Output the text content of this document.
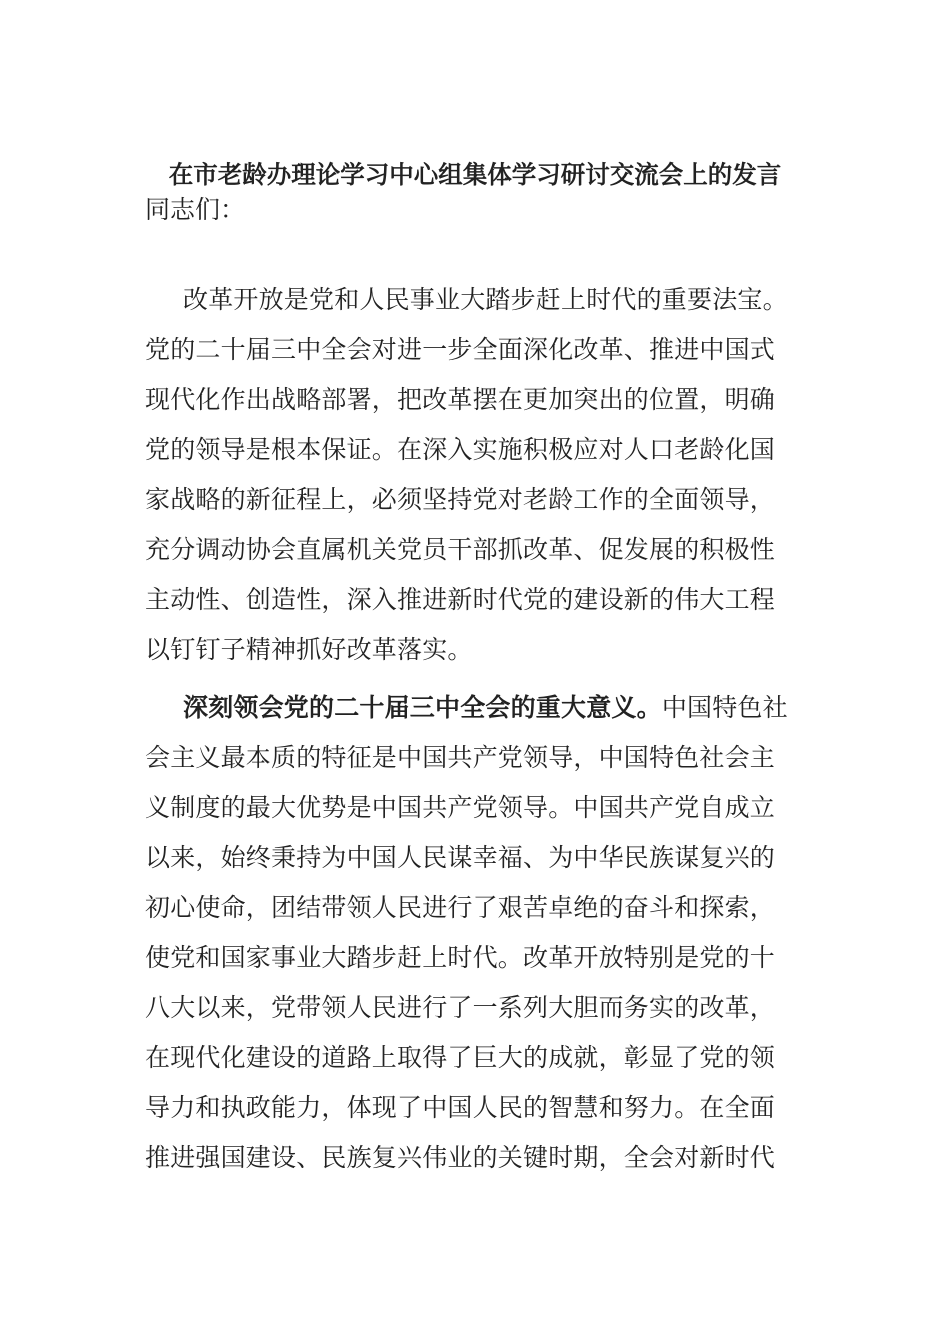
在市老龄办理论学习中心组集体学习研讨交流会上的发言
同志们：
改革开放是党和人民事业大踏步赶上时代的重要法宝。
党的二十届三中全会对进一步全面深化改革、推进中国式
现代化作出战略部署，把改革摆在更加突出的位置，明确
党的领导是根本保证。在深入实施积极应对人口老龄化国
家战略的新征程上，必须坚持党对老龄工作的全面领导，
充分调动协会直属机关党员干部抓改革、促发展的积极性
主动性、创造性，深入推进新时代党的建设新的伟大工程
以钉钉子精神抓好改革落实。
深刻领会党的二十届三中全会的重大意义。中国特色社
会主义最本质的特征是中国共产党领导，中国特色社会主
义制度的最大优势是中国共产党领导。中国共产党自成立
以来，始终秉持为中国人民谋幸福、为中华民族谋复兴的
初心使命，团结带领人民进行了艰苦卓绝的奋斗和探索，
使党和国家事业大踏步赶上时代。改革开放特别是党的十
八大以来，党带领人民进行了一系列大胆而务实的改革，
在现代化建设的道路上取得了巨大的成就，彰显了党的领
导力和执政能力，体现了中国人民的智慧和努力。在全面
推进强国建设、民族复兴伟业的关键时期，全会对新时代
